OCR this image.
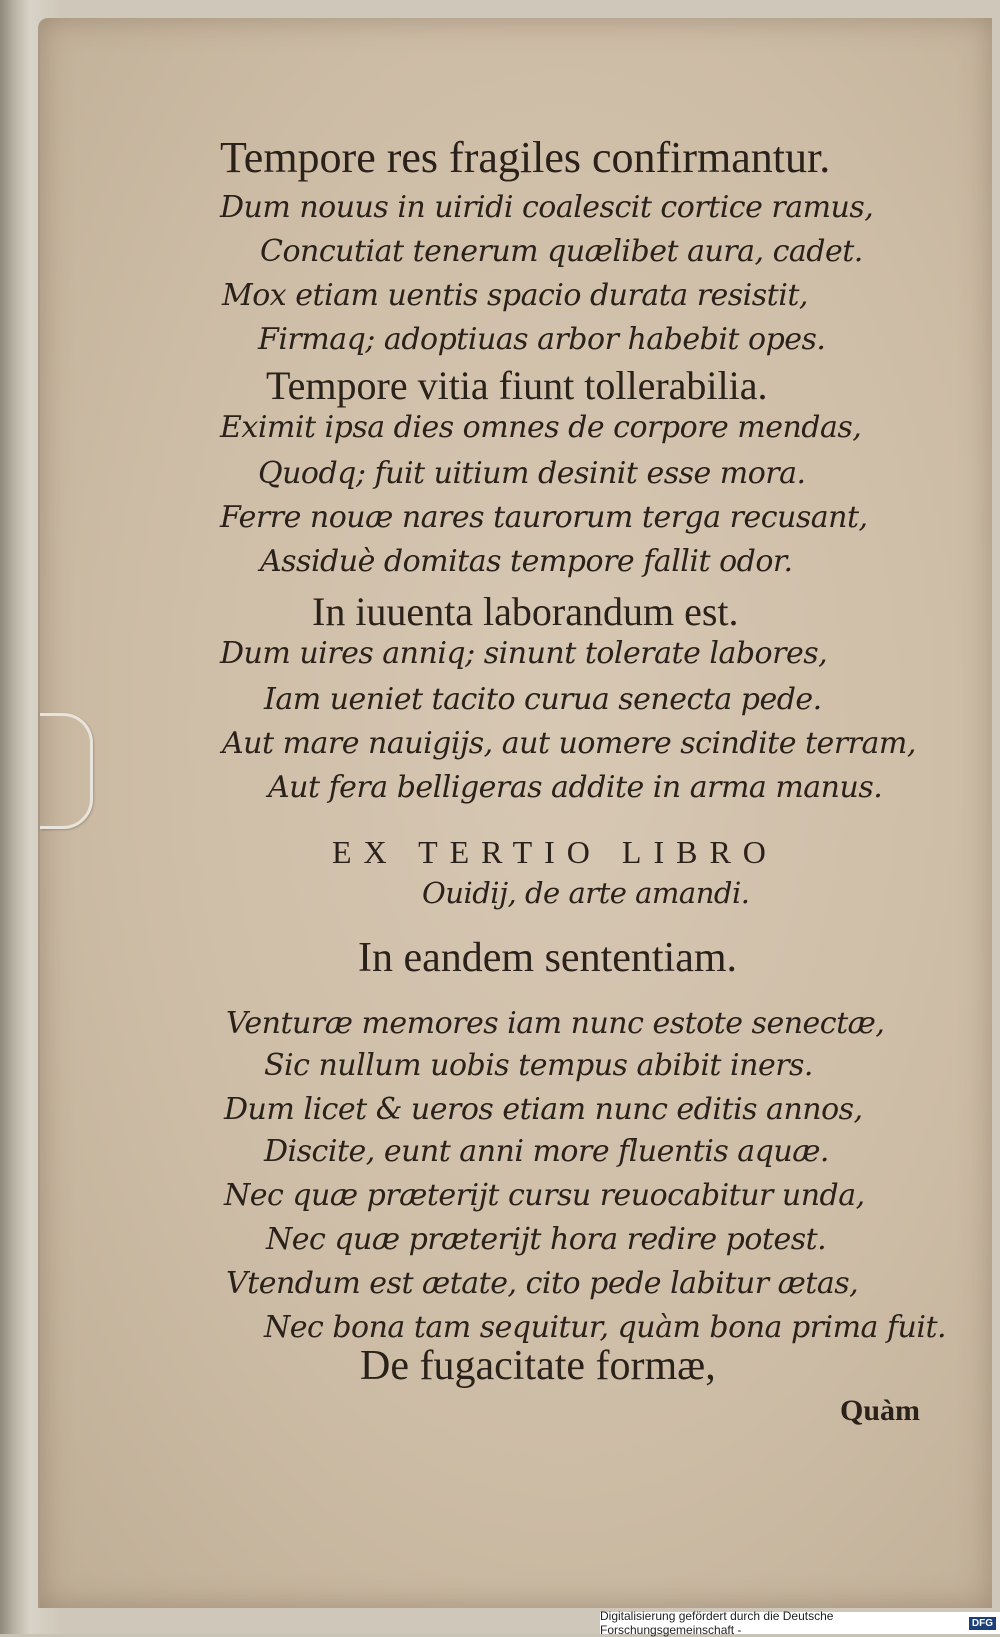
Tempore res fragiles confirmantur.
Dum nouus in uiridi coalescit cortice ramus,
Concutiat tenerum quælibet aura, cadet.
Mox etiam uentis spacio durata resistit,
Firmaq; adoptiuas arbor habebit opes.
Tempore vitia fiunt tollerabilia.
Eximit ipsa dies omnes de corpore mendas,
Quodq; fuit uitium desinit esse mora.
Ferre nouæ nares taurorum terga recusant,
Assiduè domitas tempore fallit odor.
In iuuenta laborandum est.
Dum uires anniq; sinunt tolerate labores,
Iam ueniet tacito curua senecta pede.
Aut mare nauigijs, aut uomere scindite terram,
Aut fera belligeras addite in arma manus.
EX TERTIO LIBRO
Ouidij, de arte amandi.
In eandem sententiam.
Venturæ memores iam nunc estote senectæ,
Sic nullum uobis tempus abibit iners.
Dum licet & ueros etiam nunc editis annos,
Discite, eunt anni more fluentis aquæ.
Nec quæ præterijt cursu reuocabitur unda,
Nec quæ præterijt hora redire potest.
Vtendum est ætate, cito pede labitur ætas,
Nec bona tam sequitur, quàm bona prima fuit.
De fugacitate formæ,
Quàm
Digitalisierung gefördert durch die Deutsche Forschungsgemeinschaft -	DFG
